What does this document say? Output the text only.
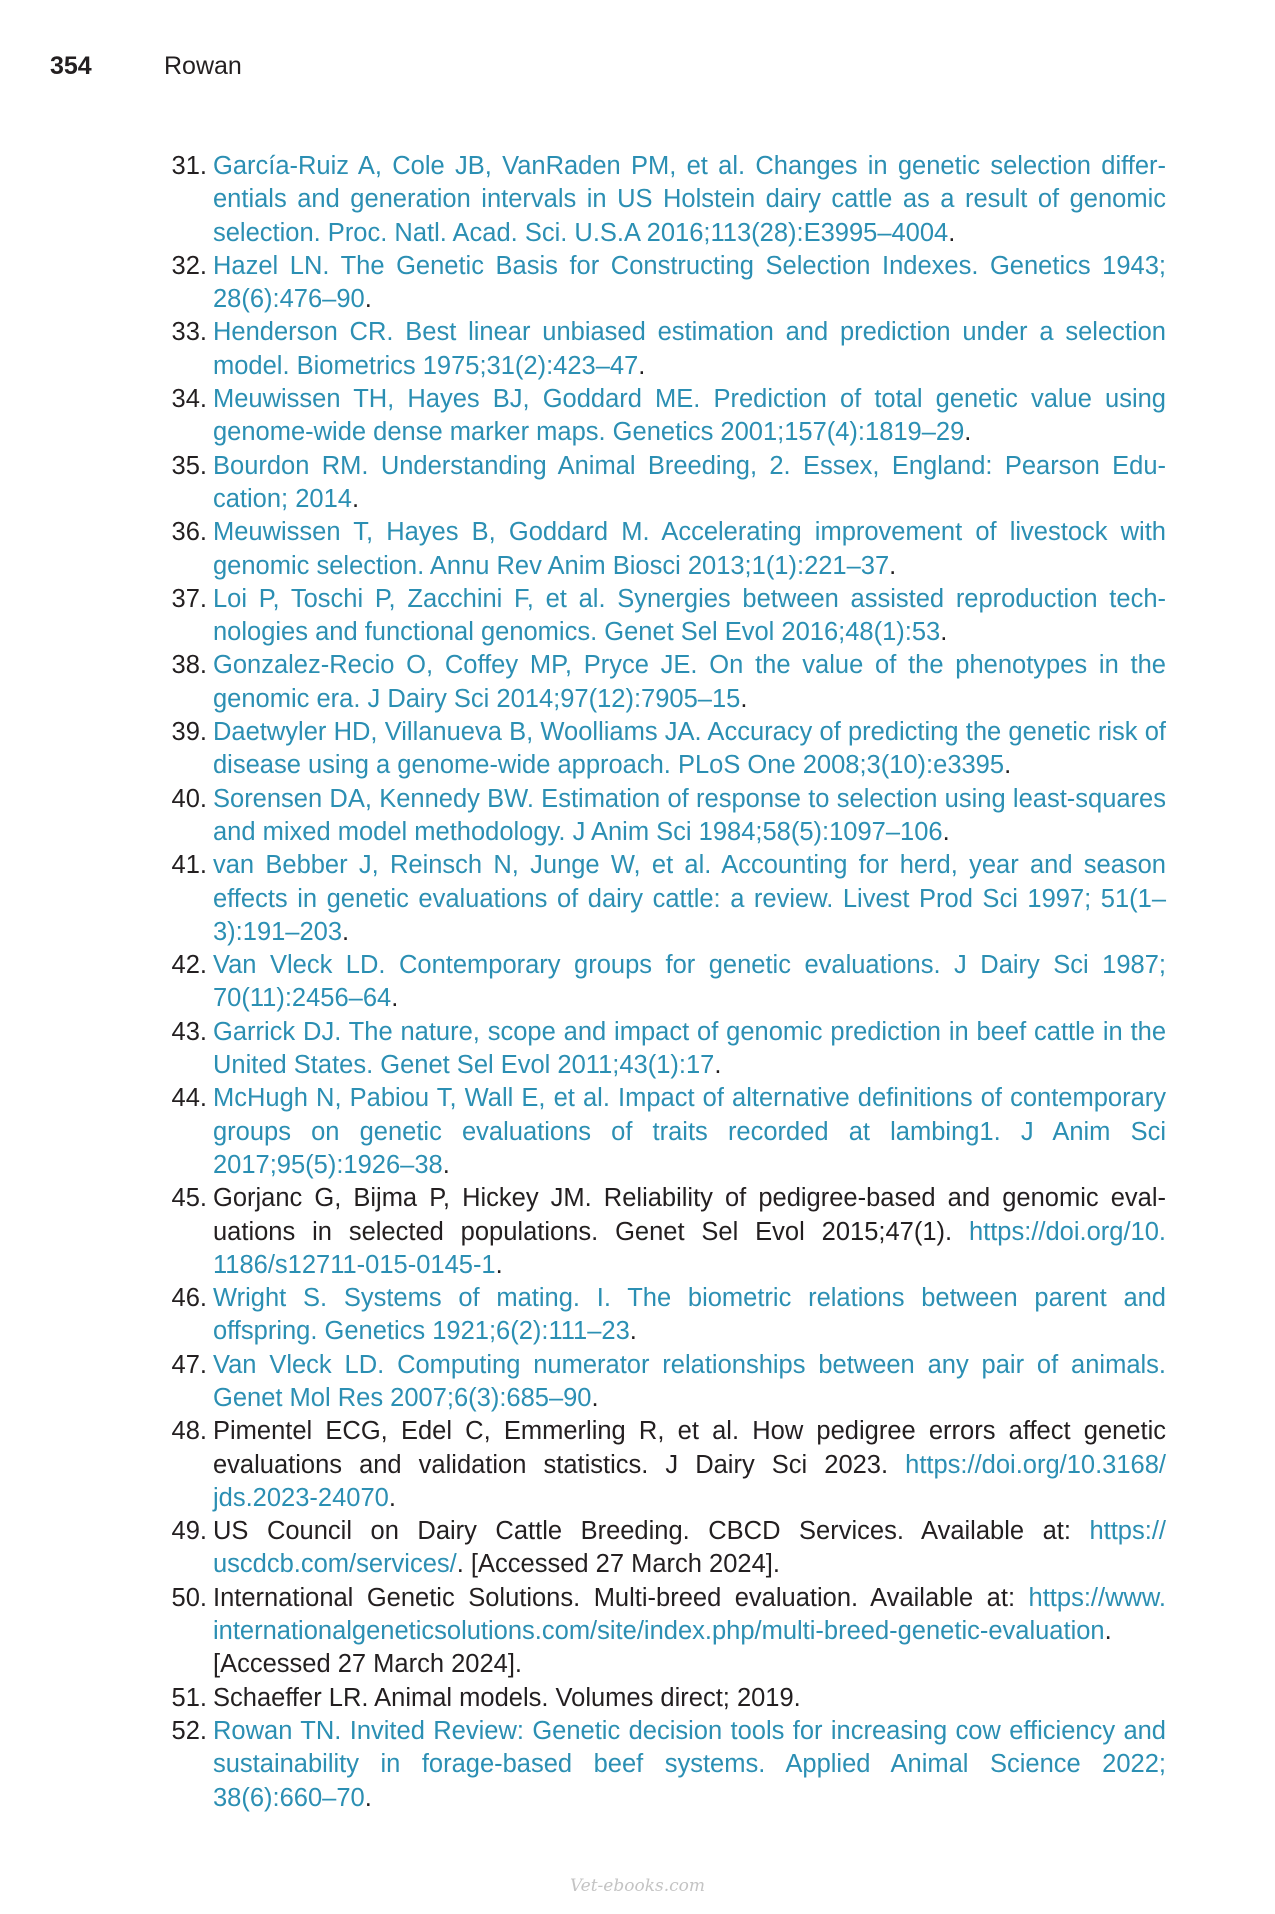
354	Rowan
31. García-Ruiz A, Cole JB, VanRaden PM, et al. Changes in genetic selection differentials and generation intervals in US Holstein dairy cattle as a result of genomic selection. Proc. Natl. Acad. Sci. U.S.A 2016;113(28):E3995–4004.
32. Hazel LN. The Genetic Basis for Constructing Selection Indexes. Genetics 1943; 28(6):476–90.
33. Henderson CR. Best linear unbiased estimation and prediction under a selection model. Biometrics 1975;31(2):423–47.
34. Meuwissen TH, Hayes BJ, Goddard ME. Prediction of total genetic value using genome-wide dense marker maps. Genetics 2001;157(4):1819–29.
35. Bourdon RM. Understanding Animal Breeding, 2. Essex, England: Pearson Education; 2014.
36. Meuwissen T, Hayes B, Goddard M. Accelerating improvement of livestock with genomic selection. Annu Rev Anim Biosci 2013;1(1):221–37.
37. Loi P, Toschi P, Zacchini F, et al. Synergies between assisted reproduction technologies and functional genomics. Genet Sel Evol 2016;48(1):53.
38. Gonzalez-Recio O, Coffey MP, Pryce JE. On the value of the phenotypes in the genomic era. J Dairy Sci 2014;97(12):7905–15.
39. Daetwyler HD, Villanueva B, Woolliams JA. Accuracy of predicting the genetic risk of disease using a genome-wide approach. PLoS One 2008;3(10):e3395.
40. Sorensen DA, Kennedy BW. Estimation of response to selection using least-squares and mixed model methodology. J Anim Sci 1984;58(5):1097–106.
41. van Bebber J, Reinsch N, Junge W, et al. Accounting for herd, year and season effects in genetic evaluations of dairy cattle: a review. Livest Prod Sci 1997; 51(1–3):191–203.
42. Van Vleck LD. Contemporary groups for genetic evaluations. J Dairy Sci 1987; 70(11):2456–64.
43. Garrick DJ. The nature, scope and impact of genomic prediction in beef cattle in the United States. Genet Sel Evol 2011;43(1):17.
44. McHugh N, Pabiou T, Wall E, et al. Impact of alternative definitions of contemporary groups on genetic evaluations of traits recorded at lambing1. J Anim Sci 2017;95(5):1926–38.
45. Gorjanc G, Bijma P, Hickey JM. Reliability of pedigree-based and genomic evaluations in selected populations. Genet Sel Evol 2015;47(1). https://doi.org/10.​1186/s12711-015-0145-1.
46. Wright S. Systems of mating. I. The biometric relations between parent and offspring. Genetics 1921;6(2):111–23.
47. Van Vleck LD. Computing numerator relationships between any pair of animals. Genet Mol Res 2007;6(3):685–90.
48. Pimentel ECG, Edel C, Emmerling R, et al. How pedigree errors affect genetic evaluations and validation statistics. J Dairy Sci 2023. https://doi.org/10.3168/​jds.2023-24070.
49. US Council on Dairy Cattle Breeding. CBCD Services. Available at: https://​uscdcb.com/services/. [Accessed 27 March 2024].
50. International Genetic Solutions. Multi-breed evaluation. Available at: https://www.​internationalgeneticsolutions.com/site/index.php/multi-breed-genetic-evaluation. [Accessed 27 March 2024].
51. Schaeffer LR. Animal models. Volumes direct; 2019.
52. Rowan TN. Invited Review: Genetic decision tools for increasing cow efficiency and sustainability in forage-based beef systems. Applied Animal Science 2022; 38(6):660–70.
Vet-ebooks.com
